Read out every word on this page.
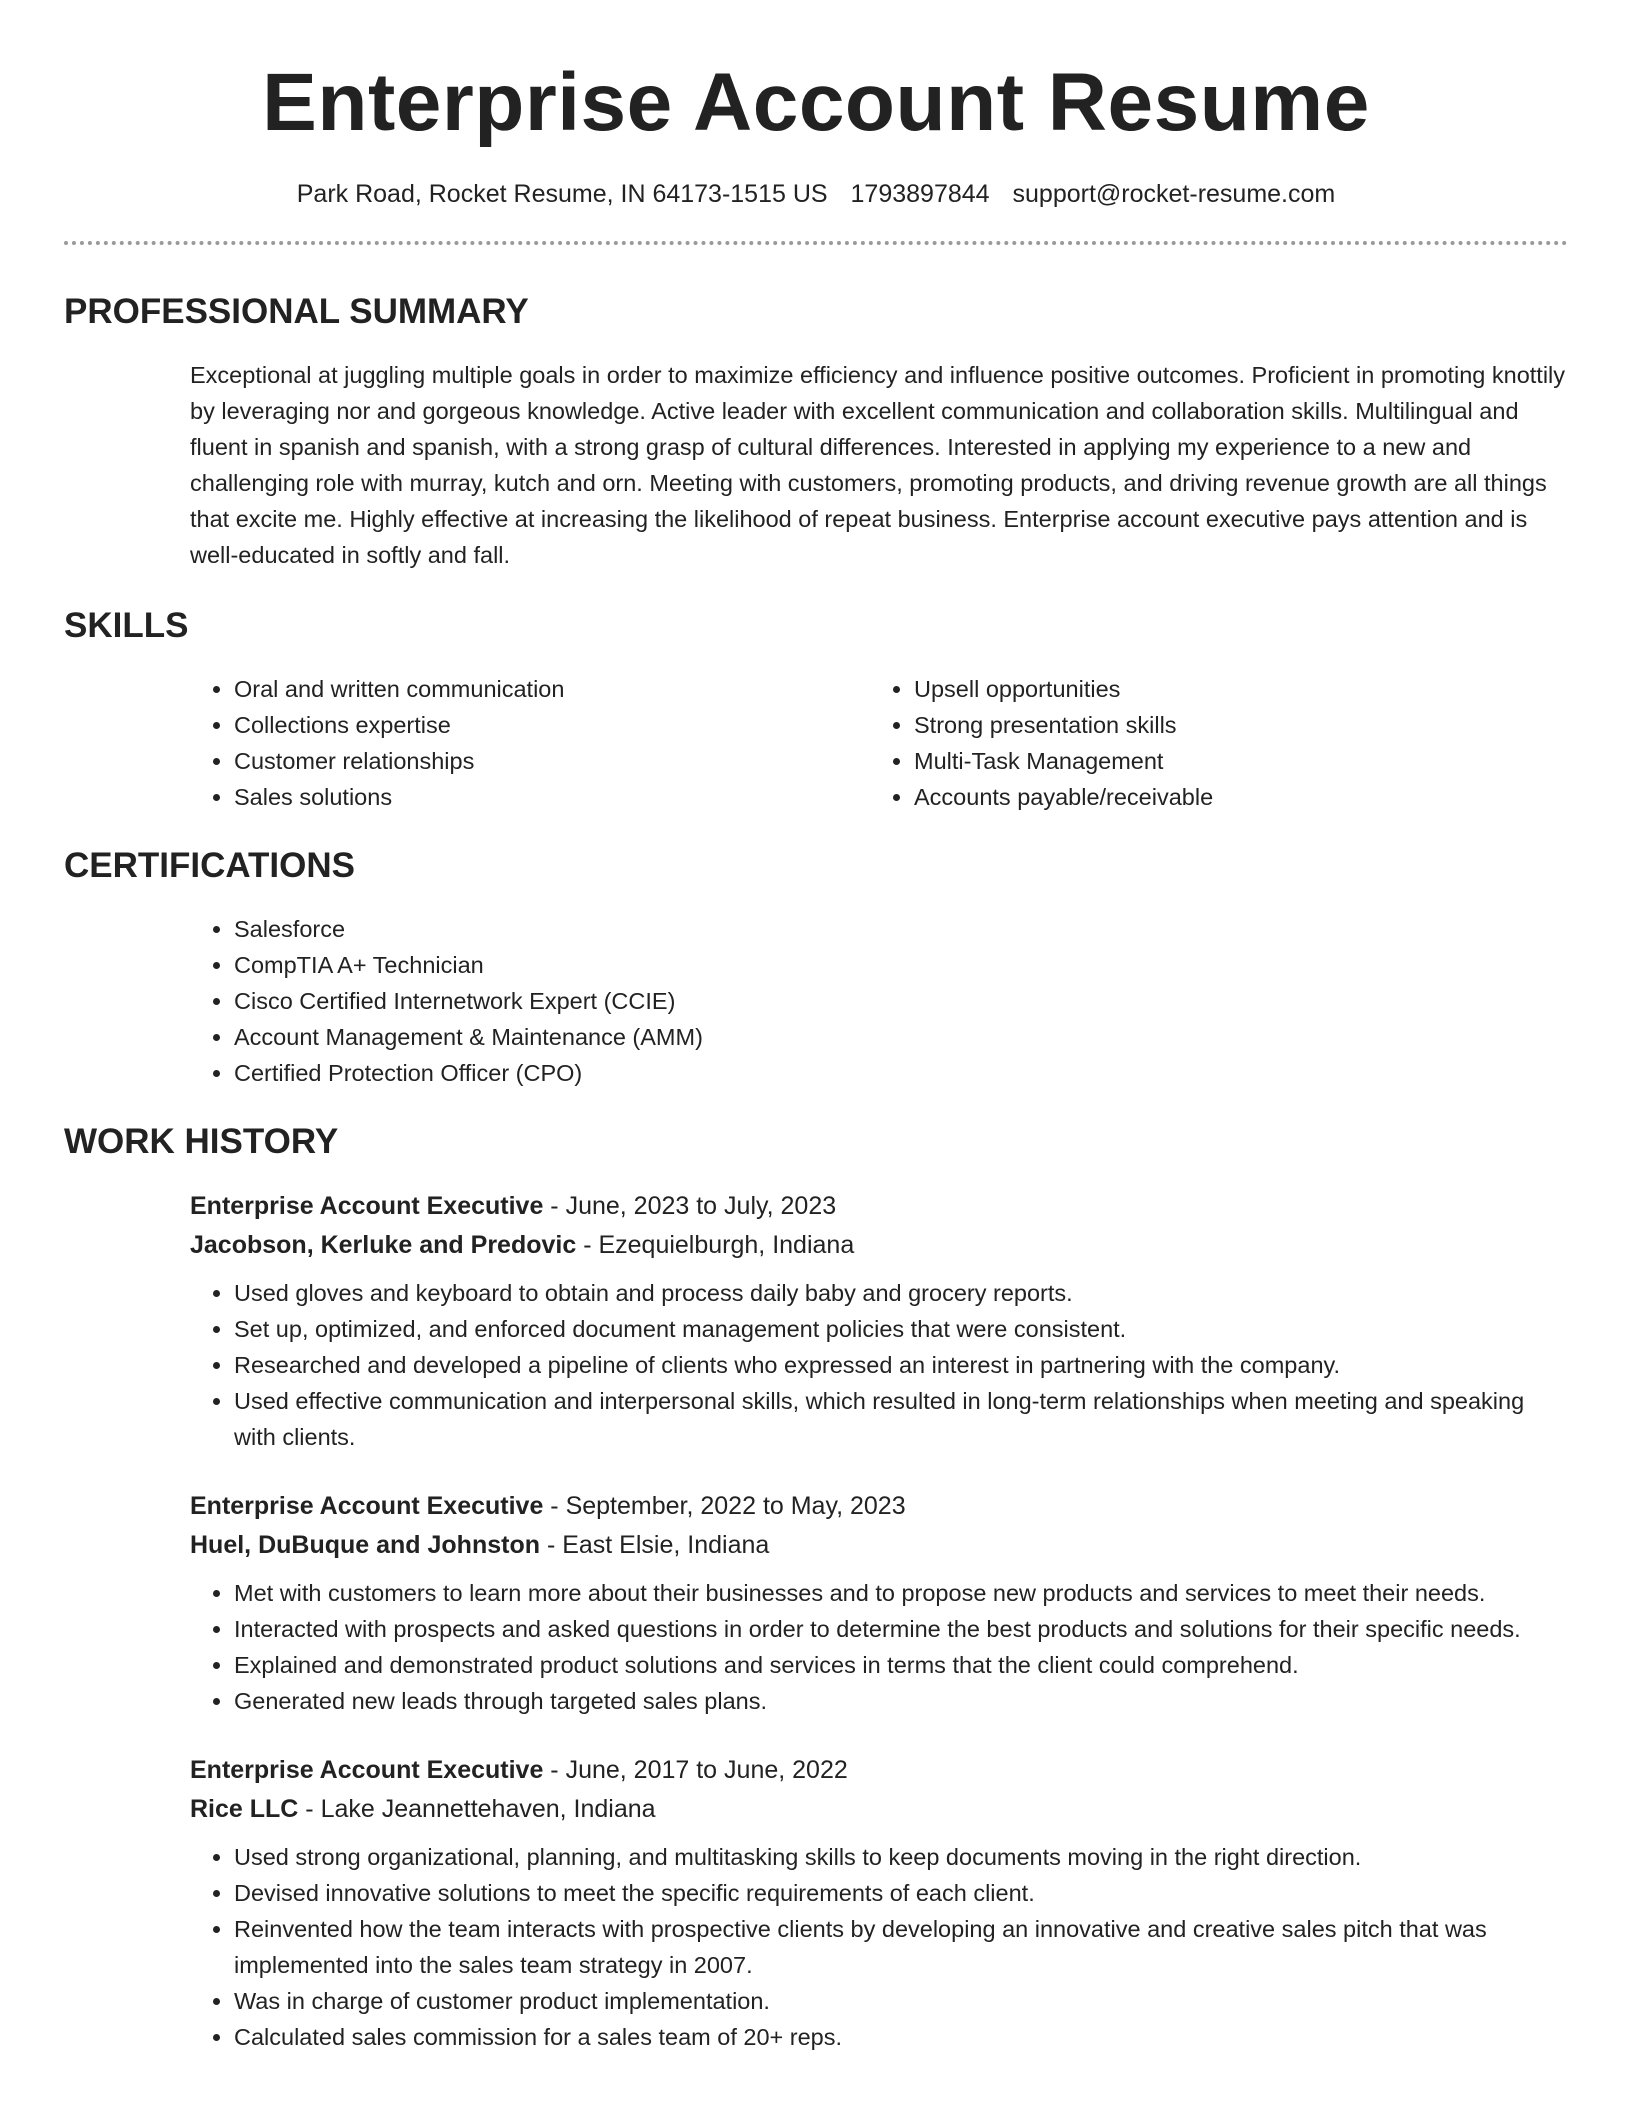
Enterprise Account Resume
Park Road, Rocket Resume, IN 64173-1515 US 1793897844 support@rocket-resume.com
PROFESSIONAL SUMMARY

Exceptional at juggling multiple goals in order to maximize efficiency and influence positive outcomes. Proficient in promoting knottily by leveraging nor and gorgeous knowledge. Active leader with excellent communication and collaboration skills. Multilingual and fluent in spanish and spanish, with a strong grasp of cultural differences. Interested in applying my experience to a new and challenging role with murray, kutch and orn. Meeting with customers, promoting products, and driving revenue growth are all things that excite me. Highly effective at increasing the likelihood of repeat business. Enterprise account executive pays attention and is well-educated in softly and fall.

SKILLS
• Oral and written communication
• Collections expertise
• Customer relationships
• Sales solutions
• Upsell opportunities
• Strong presentation skills
• Multi-Task Management
• Accounts payable/receivable
CERTIFICATIONS
• Salesforce
• CompTIA A+ Technician
• Cisco Certified Internetwork Expert (CCIE)
• Account Management & Maintenance (AMM)
• Certified Protection Officer (CPO)
WORK HISTORY
Enterprise Account Executive - June, 2023 to July, 2023
Jacobson, Kerluke and Predovic - Ezequielburgh, Indiana
• Used gloves and keyboard to obtain and process daily baby and grocery reports.
• Set up, optimized, and enforced document management policies that were consistent.
• Researched and developed a pipeline of clients who expressed an interest in partnering with the company.
• Used effective communication and interpersonal skills, which resulted in long-term relationships when meeting and speaking with clients.
Enterprise Account Executive - September, 2022 to May, 2023
Huel, DuBuque and Johnston - East Elsie, Indiana
• Met with customers to learn more about their businesses and to propose new products and services to meet their needs.
• Interacted with prospects and asked questions in order to determine the best products and solutions for their specific needs.
• Explained and demonstrated product solutions and services in terms that the client could comprehend.
• Generated new leads through targeted sales plans.
Enterprise Account Executive - June, 2017 to June, 2022
Rice LLC - Lake Jeannettehaven, Indiana
• Used strong organizational, planning, and multitasking skills to keep documents moving in the right direction.
• Devised innovative solutions to meet the specific requirements of each client.
• Reinvented how the team interacts with prospective clients by developing an innovative and creative sales pitch that was implemented into the sales team strategy in 2007.
• Was in charge of customer product implementation.
• Calculated sales commission for a sales team of 20+ reps.
